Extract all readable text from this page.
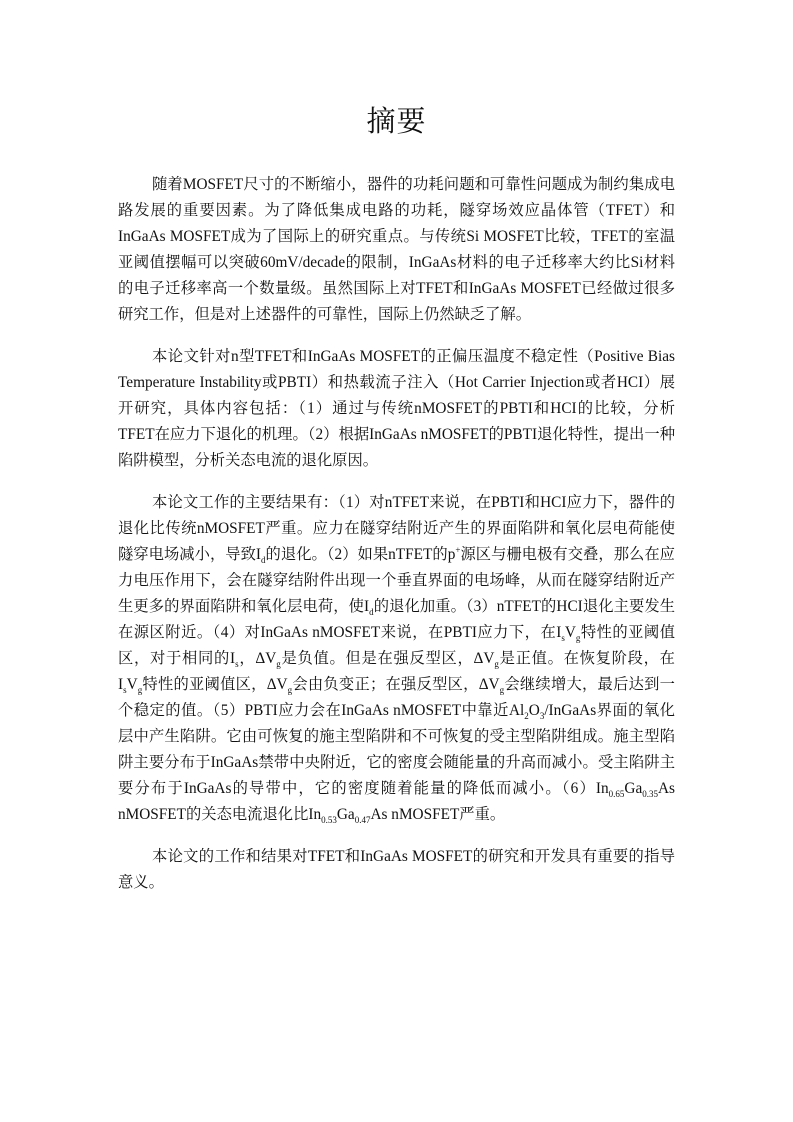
摘要

随着MOSFET尺寸的不断缩小，器件的功耗问题和可靠性问题成为制约集成电路发展的重要因素。为了降低集成电路的功耗，隧穿场效应晶体管（TFET）和InGaAs MOSFET成为了国际上的研究重点。与传统Si MOSFET比较，TFET的室温亚阈值摆幅可以突破60mV/decade的限制，InGaAs材料的电子迁移率大约比Si材料的电子迁移率高一个数量级。虽然国际上对TFET和InGaAs MOSFET已经做过很多研究工作，但是对上述器件的可靠性，国际上仍然缺乏了解。

本论文针对n型TFET和InGaAs MOSFET的正偏压温度不稳定性（Positive Bias Temperature Instability或PBTI）和热载流子注入（Hot Carrier Injection或者HCI）展开研究，具体内容包括：（1）通过与传统nMOSFET的PBTI和HCI的比较，分析TFET在应力下退化的机理。（2）根据InGaAs nMOSFET的PBTI退化特性，提出一种陷阱模型，分析关态电流的退化原因。

本论文工作的主要结果有：（1）对nTFET来说，在PBTI和HCI应力下，器件的退化比传统nMOSFET严重。应力在隧穿结附近产生的界面陷阱和氧化层电荷能使隧穿电场减小，导致$I_d$的退化。（2）如果nTFET的p+源区与栅电极有交叠，那么在应力电压作用下，会在隧穿结附件出现一个垂直界面的电场峰，从而在隧穿结附近产生更多的界面陷阱和氧化层电荷，使$I_d$的退化加重。（3）nTFET的HCI退化主要发生在源区附近。（4）对InGaAs nMOSFET来说，在PBTI应力下，在$I_sV_g$特性的亚阈值区，对于相同的$I_s$，$\Delta V_g$是负值。但是在强反型区，$\Delta V_g$是正值。在恢复阶段，在$I_sV_g$特性的亚阈值区，$\Delta V_g$会由负变正；在强反型区，$\Delta V_g$会继续增大，最后达到一个稳定的值。（5）PBTI应力会在InGaAs nMOSFET中靠近$Al_2O_3$/InGaAs界面的氧化层中产生陷阱。它由可恢复的施主型陷阱和不可恢复的受主型陷阱组成。施主型陷阱主要分布于InGaAs禁带中央附近，它的密度会随能量的升高而减小。受主陷阱主要分布于InGaAs的导带中，它的密度随着能量的降低而减小。$(6)In_{0.65}Ga_{0.35}As$ nMOSFET的关态电流退化比$In_{0.53}Ga_{0.47}As$ nMOSFET严重。

本论文的工作和结果对TFET和InGaAs MOSFET的研究和开发具有重要的指导意义。
